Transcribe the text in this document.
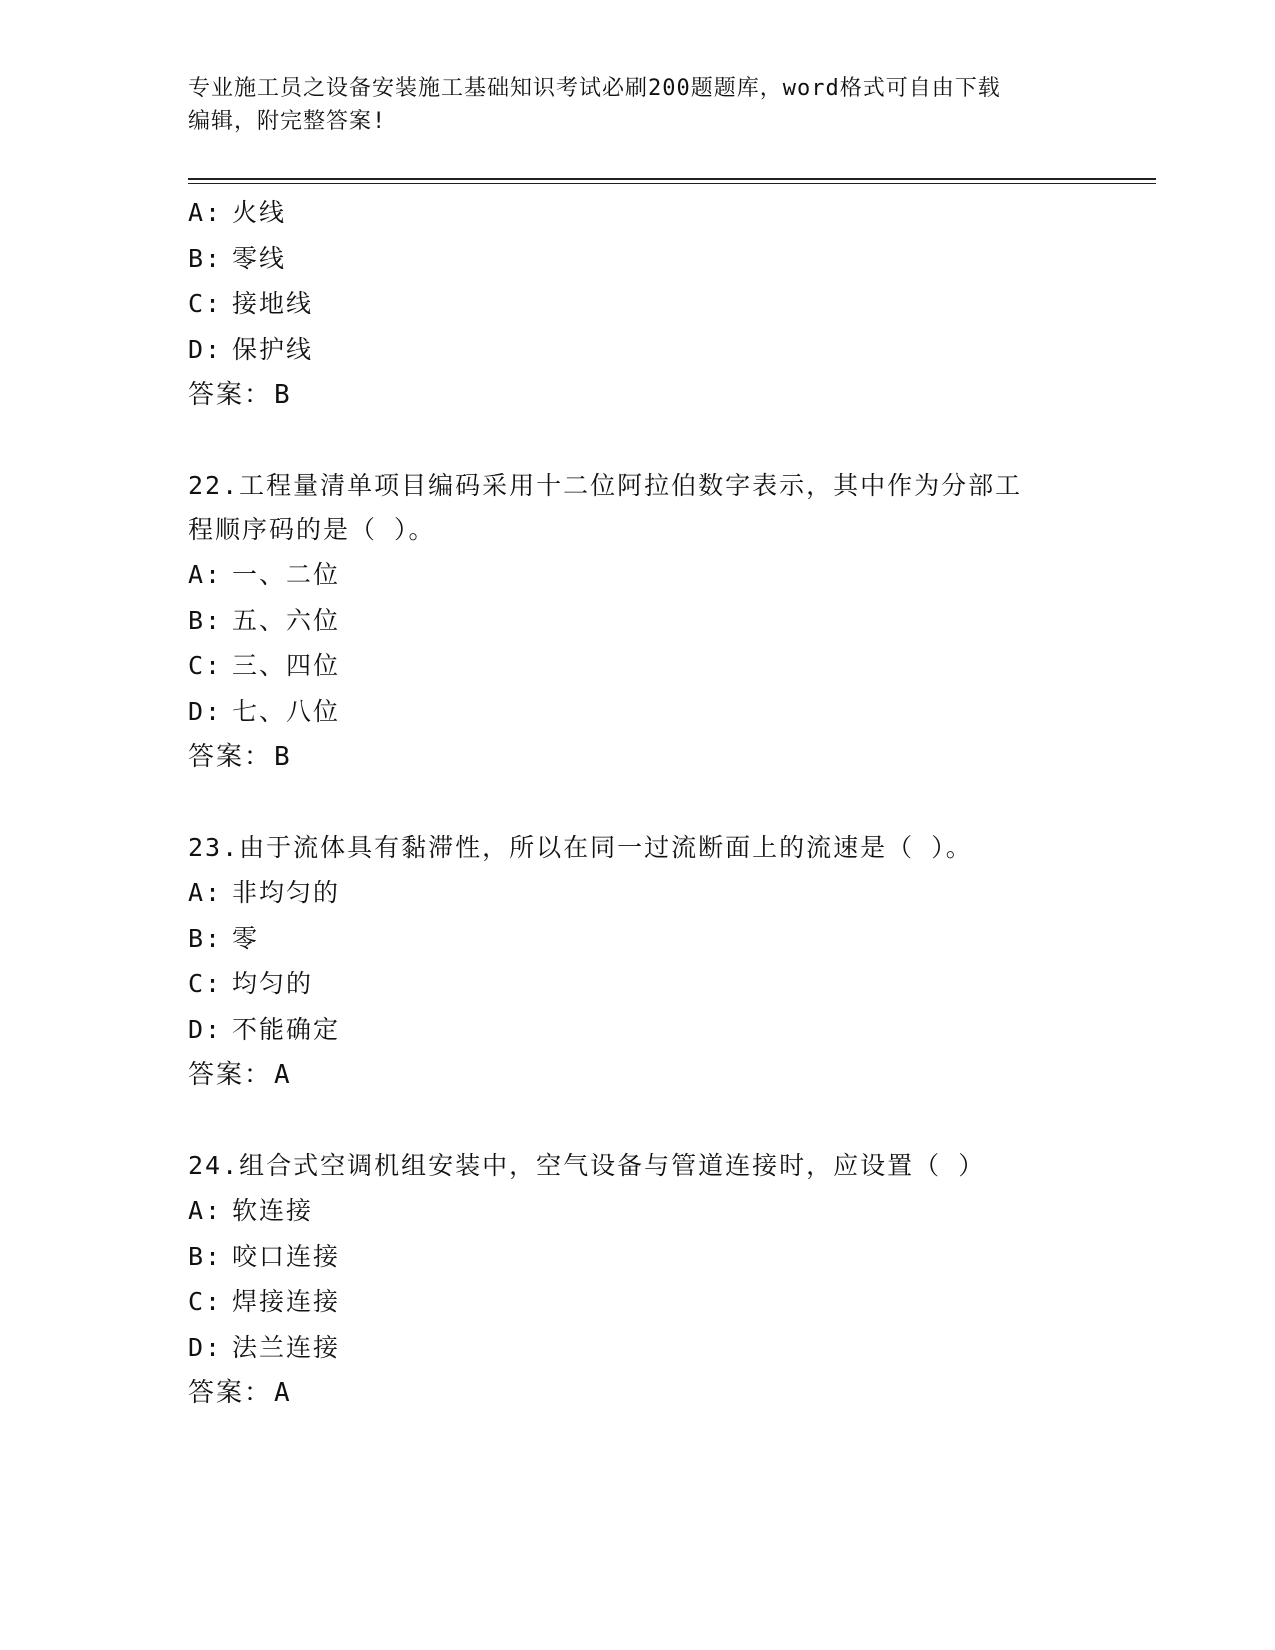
专业施工员之设备安装施工基础知识考试必刷200题题库，word格式可自由下载
编辑，附完整答案!
A: 火线
B: 零线
C: 接地线
D: 保护线
答案：B
22.工程量清单项目编码采用十二位阿拉伯数字表示，其中作为分部工
程顺序码的是（ ）。
A: 一、二位
B: 五、六位
C: 三、四位
D: 七、八位
答案：B
23.由于流体具有黏滞性，所以在同一过流断面上的流速是（ ）。
A: 非均匀的
B: 零
C: 均匀的
D: 不能确定
答案：A
24.组合式空调机组安装中，空气设备与管道连接时，应设置（ ）
A: 软连接
B: 咬口连接
C: 焊接连接
D: 法兰连接
答案：A
